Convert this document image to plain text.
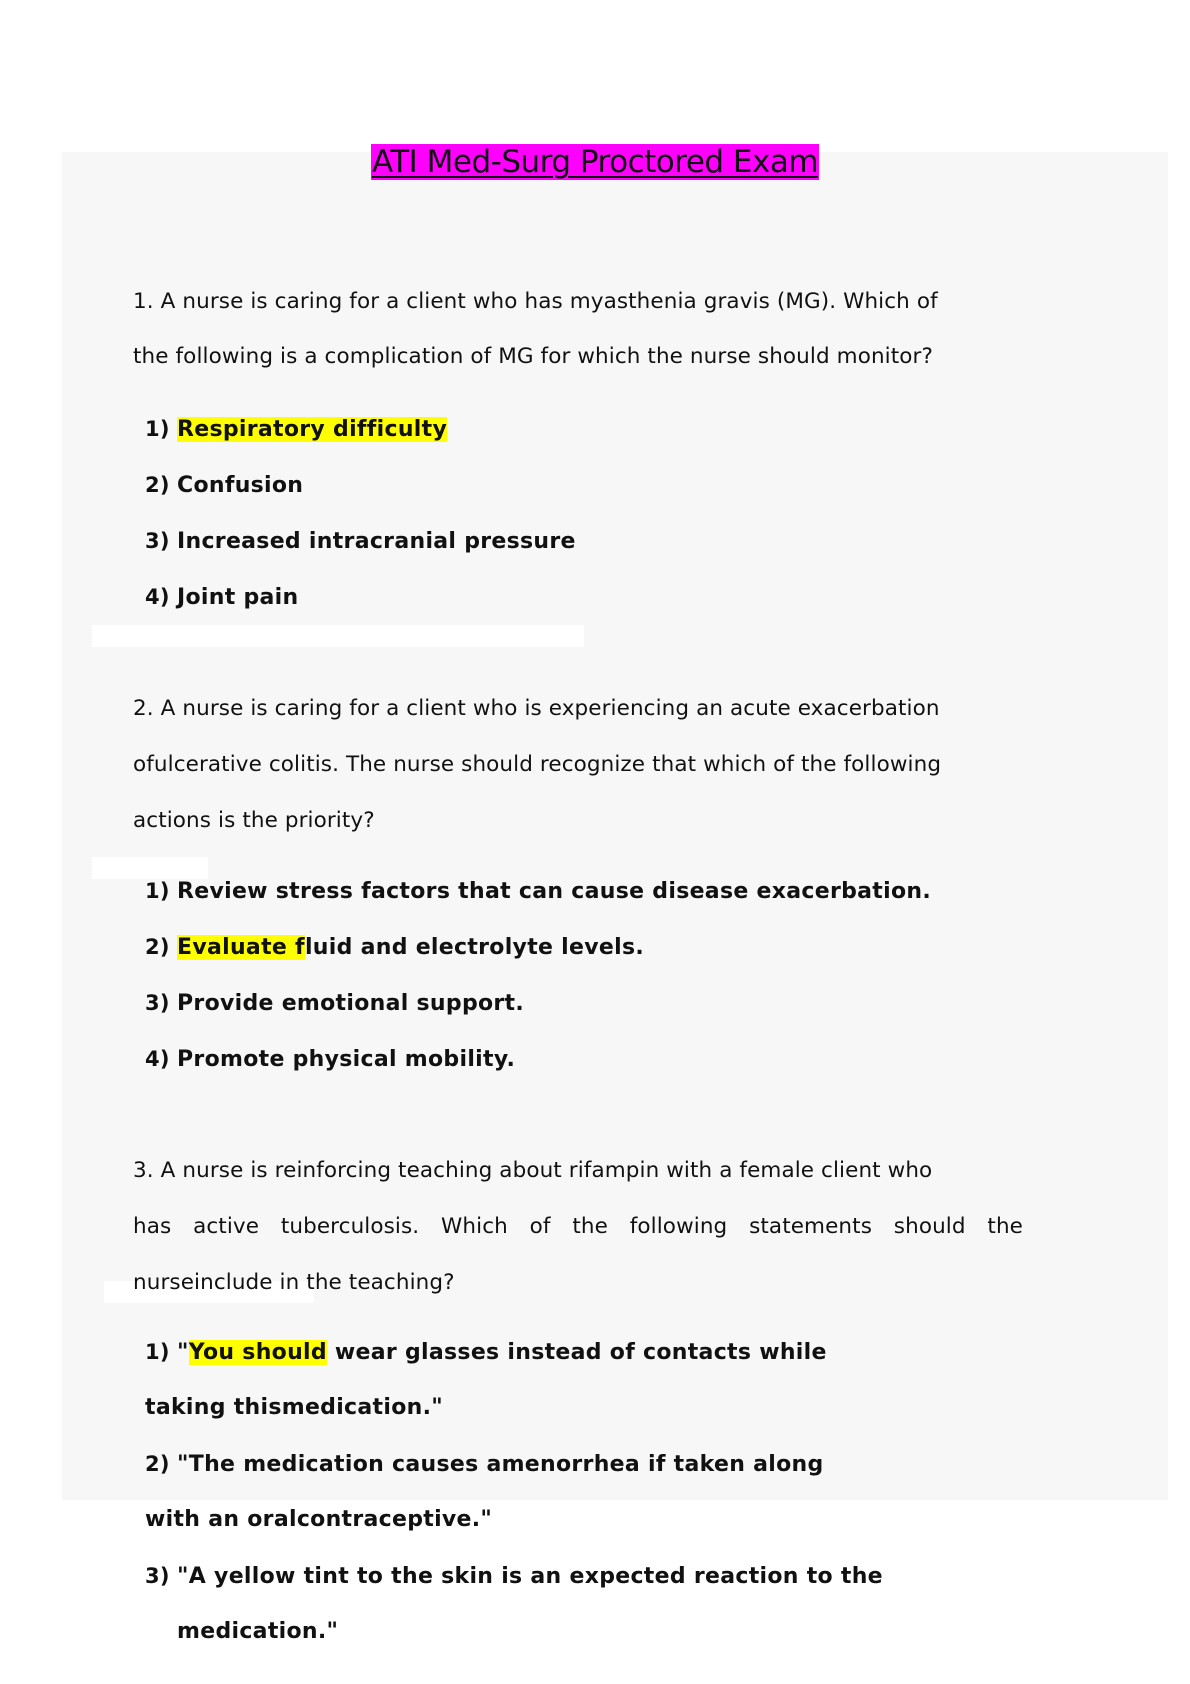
ATI Med-Surg Proctored Exam
1. A nurse is caring for a client who has myasthenia gravis (MG). Which of
the following is a complication of MG for which the nurse should monitor?
1) Respiratory difficulty
2) Confusion
3) Increased intracranial pressure
4) Joint pain
2. A nurse is caring for a client who is experiencing an acute exacerbation
ofulcerative colitis. The nurse should recognize that which of the following
actions is the priority?
1) Review stress factors that can cause disease exacerbation.
2) Evaluate fluid and electrolyte levels.
3) Provide emotional support.
4) Promote physical mobility.
3. A nurse is reinforcing teaching about rifampin with a female client who
has active tuberculosis. Which of the following statements should the
nurseinclude in the teaching?
1) "You should wear glasses instead of contacts while
taking thismedication."
2) "The medication causes amenorrhea if taken along
with an oralcontraceptive."
3) "A yellow tint to the skin is an expected reaction to the
medication."
